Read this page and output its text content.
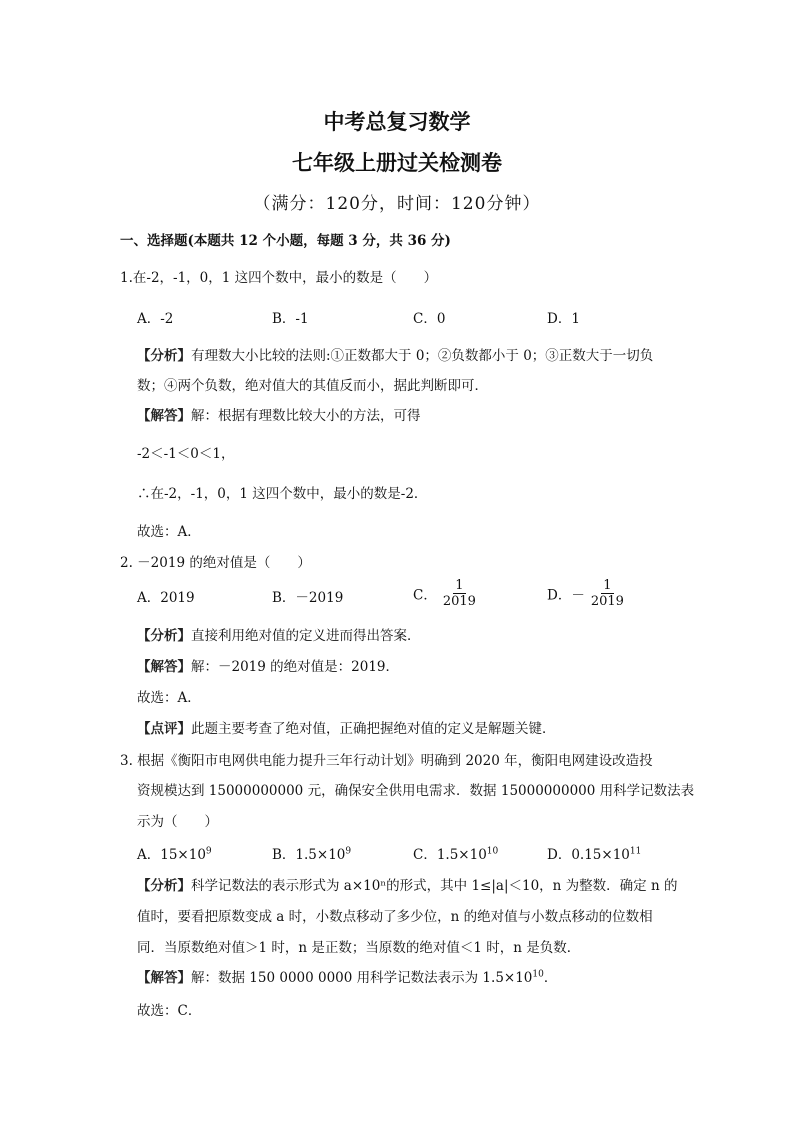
中考总复习数学
七年级上册过关检测卷
（满分：120分，时间：120分钟）
一、选择题(本题共 12 个小题，每题 3 分，共 36 分)
1.在-2，-1，0，1 这四个数中，最小的数是（　　）
A．-2	B．-1	C．0	D．1
【分析】有理数大小比较的法则:①正数都大于 0；②负数都小于 0；③正数大于一切负
数；④两个负数，绝对值大的其值反而小，据此判断即可．
【解答】解：根据有理数比较大小的方法，可得
-2＜-1＜0＜1，
∴在-2，-1，0，1 这四个数中，最小的数是-2．
故选：A．
2. －2019 的绝对值是（　　）
A．2019	B．－2019	C． $\frac{1}{2019}$	D．－ $\frac{1}{2019}$
【分析】直接利用绝对值的定义进而得出答案．
【解答】解：－2019 的绝对值是：2019．
故选：A．
【点评】此题主要考查了绝对值，正确把握绝对值的定义是解题关键．
3. 根据《衡阳市电网供电能力提升三年行动计划》明确到 2020 年，衡阳电网建设改造投
资规模达到 15000000000 元，确保安全供用电需求．数据 15000000000 用科学记数法表
示为（　　）
A．$15\times 10^9$	B．$1.5\times 10^9$	C．$1.5\times 10^{10}$	D．$0.15\times 10^{11}$
【分析】科学记数法的表示形式为 a×10ⁿ的形式，其中 1≤|a|＜10，n 为整数．确定 n 的
值时，要看把原数变成 a 时，小数点移动了多少位，n 的绝对值与小数点移动的位数相
同．当原数绝对值＞1 时，n 是正数；当原数的绝对值＜1 时，n 是负数．
【解答】解：数据 150 0000 0000 用科学记数法表示为 $1.5\times 10^{10}$．
故选：C．
